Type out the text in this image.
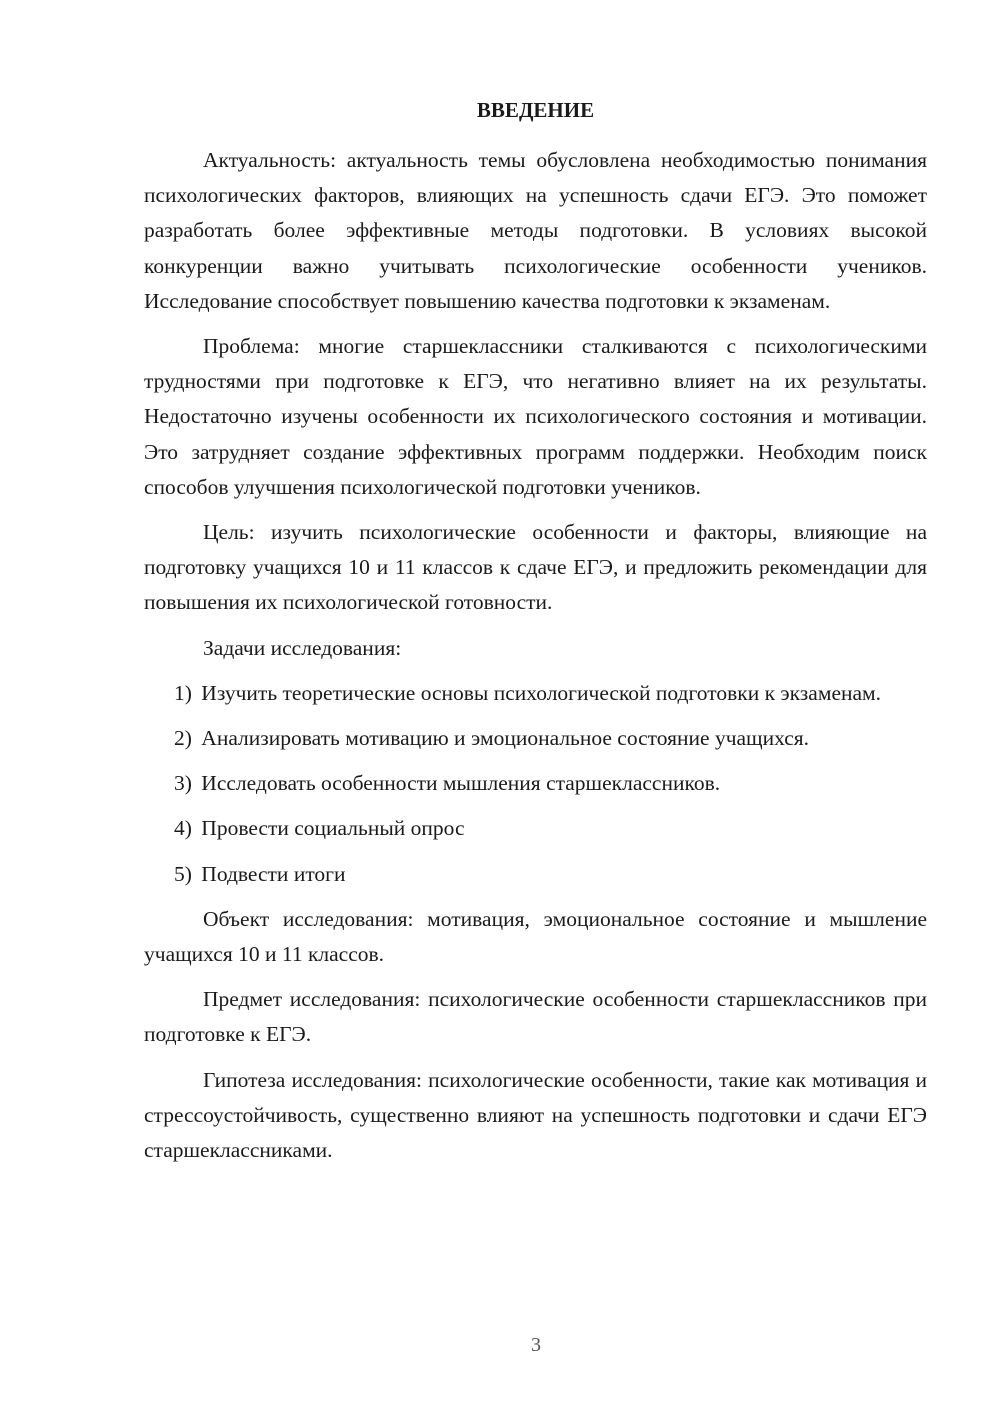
ВВЕДЕНИЕ

Актуальность: актуальность темы обусловлена необходимостью понимания психологических факторов, влияющих на успешность сдачи ЕГЭ. Это поможет разработать более эффективные методы подготовки. В условиях высокой конкуренции важно учитывать психологические особенности учеников. Исследование способствует повышению качества подготовки к экзаменам.

Проблема: многие старшеклассники сталкиваются с психологическими трудностями при подготовке к ЕГЭ, что негативно влияет на их результаты. Недостаточно изучены особенности их психологического состояния и мотивации. Это затрудняет создание эффективных программ поддержки. Необходим поиск способов улучшения психологической подготовки учеников.

Цель: изучить психологические особенности и факторы, влияющие на подготовку учащихся 10 и 11 классов к сдаче ЕГЭ, и предложить рекомендации для повышения их психологической готовности.

Задачи исследования:

1) Изучить теоретические основы психологической подготовки к экзаменам.

2) Анализировать мотивацию и эмоциональное состояние учащихся.

3) Исследовать особенности мышления старшеклассников.

4) Провести социальный опрос

5) Подвести итоги

Объект исследования: мотивация, эмоциональное состояние и мышление учащихся 10 и 11 классов.

Предмет исследования: психологические особенности старшеклассников при подготовке к ЕГЭ.

Гипотеза исследования: психологические особенности, такие как мотивация и стрессоустойчивость, существенно влияют на успешность подготовки и сдачи ЕГЭ старшеклассниками.

3
